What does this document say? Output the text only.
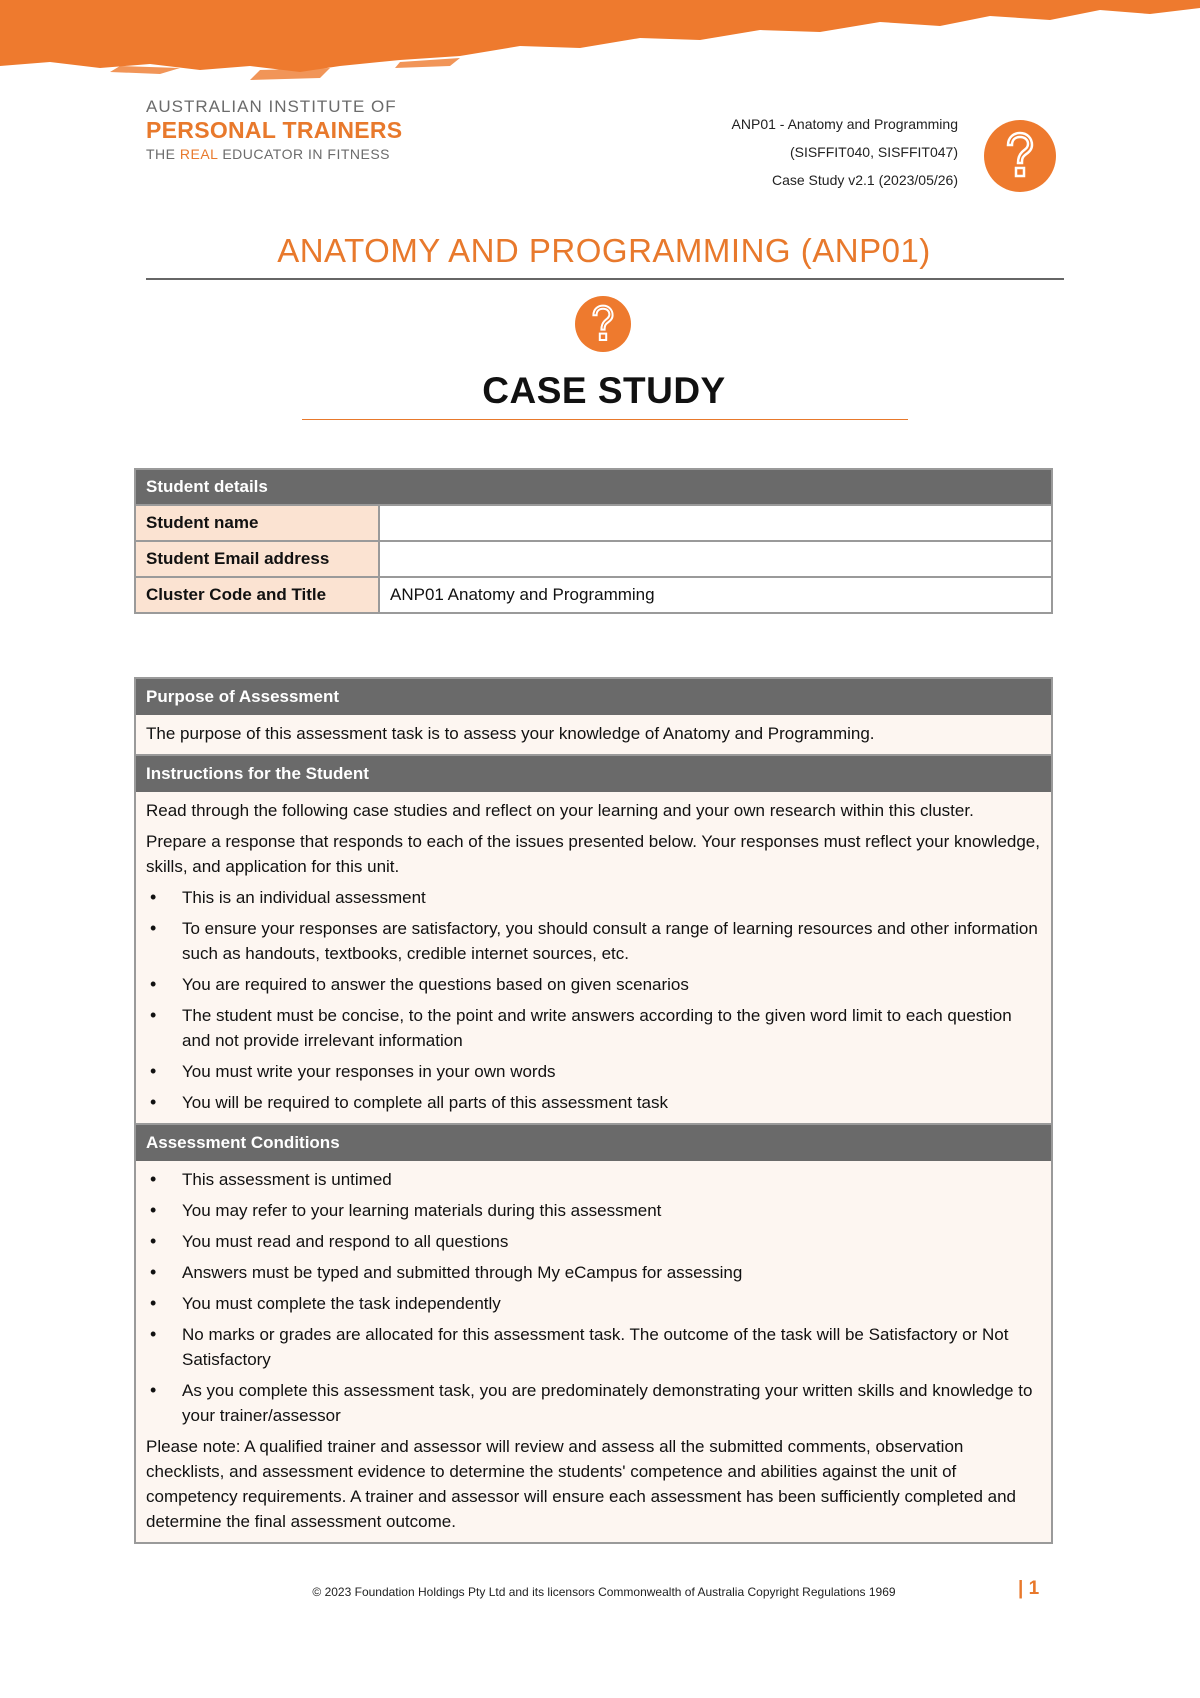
AUSTRALIAN INSTITUTE OF
PERSONAL TRAINERS
THE REAL EDUCATOR IN FITNESS
ANP01 - Anatomy and Programming
(SISFFIT040, SISFFIT047)
Case Study v2.1 (2023/05/26)
ANATOMY AND PROGRAMMING (ANP01)
CASE STUDY
Student details	
Student name	
Student Email address	
Cluster Code and Title	ANP01 Anatomy and Programming
Purpose of Assessment

The purpose of this assessment task is to assess your knowledge of Anatomy and Programming.

Instructions for the Student

Read through the following case studies and reflect on your learning and your own research within this cluster.

Prepare a response that responds to each of the issues presented below. Your responses must reflect your knowledge, skills, and application for this unit.

• This is an individual assessment
• To ensure your responses are satisfactory, you should consult a range of learning resources and other information such as handouts, textbooks, credible internet sources, etc.
• You are required to answer the questions based on given scenarios
• The student must be concise, to the point and write answers according to the given word limit to each question and not provide irrelevant information
• You must write your responses in your own words
• You will be required to complete all parts of this assessment task
Assessment Conditions
• This assessment is untimed
• You may refer to your learning materials during this assessment
• You must read and respond to all questions
• Answers must be typed and submitted through My eCampus for assessing
• You must complete the task independently
• No marks or grades are allocated for this assessment task. The outcome of the task will be Satisfactory or Not Satisfactory
• As you complete this assessment task, you are predominately demonstrating your written skills and knowledge to your trainer/assessor

Please note: A qualified trainer and assessor will review and assess all the submitted comments, observation checklists, and assessment evidence to determine the students' competence and abilities against the unit of competency requirements. A trainer and assessor will ensure each assessment has been sufficiently completed and determine the final assessment outcome.

© 2023 Foundation Holdings Pty Ltd and its licensors Commonwealth of Australia Copyright Regulations 1969	| 1
